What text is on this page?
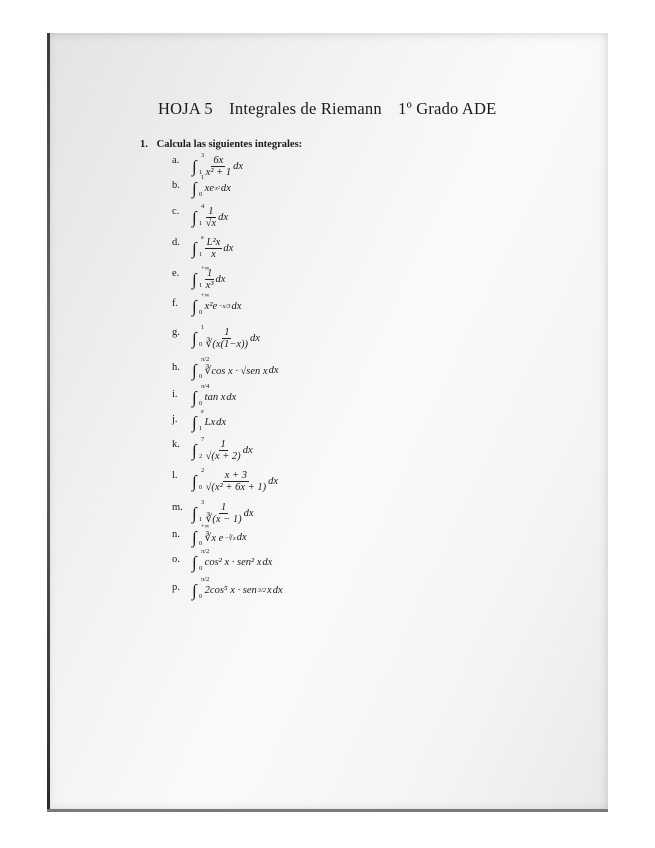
HOJA 5 Integrales de Riemann 1º Grado ADE
1. Calcula las siguientes integrales:
a. ∫
3
$1 \frac{6x}{\text{x² + 1}}$ dx
b. ∫
1
0 xe x² dx
c. ∫
4
$1 \frac{1}{√x}$ dx
d. ∫
e
$1 \frac{\text{L²x}}{x}$ dx
e. ∫
+∞
$1 \frac{1}{\text{x³}}$ dx
f. ∫
+∞
0 x²e −x/3 dx
g. ∫
1
$0 \frac{1}{∛(x(1-x))}$ dx
h. ∫
π/2
0 ∛cos x · √sen x dx
i. ∫
π/4
0 tan x dx
j. ∫
e
1 Lx dx
k. ∫
7
$2 \frac{1}{√(x + 2)}$ dx
l. ∫
2
$0 \frac{x + 3}{\text{√(x² + 6x + 1)}}$ dx
m. ∫
3
$1 \frac{1}{∛(x - 1)}$ dx
n. ∫
+∞
0 ∛x e −∛x dx
o. ∫
π/2
0 cos² x · sen² x dx
p. ∫
π/2
0 2cos⁵ x · sen 3/2 x dx
